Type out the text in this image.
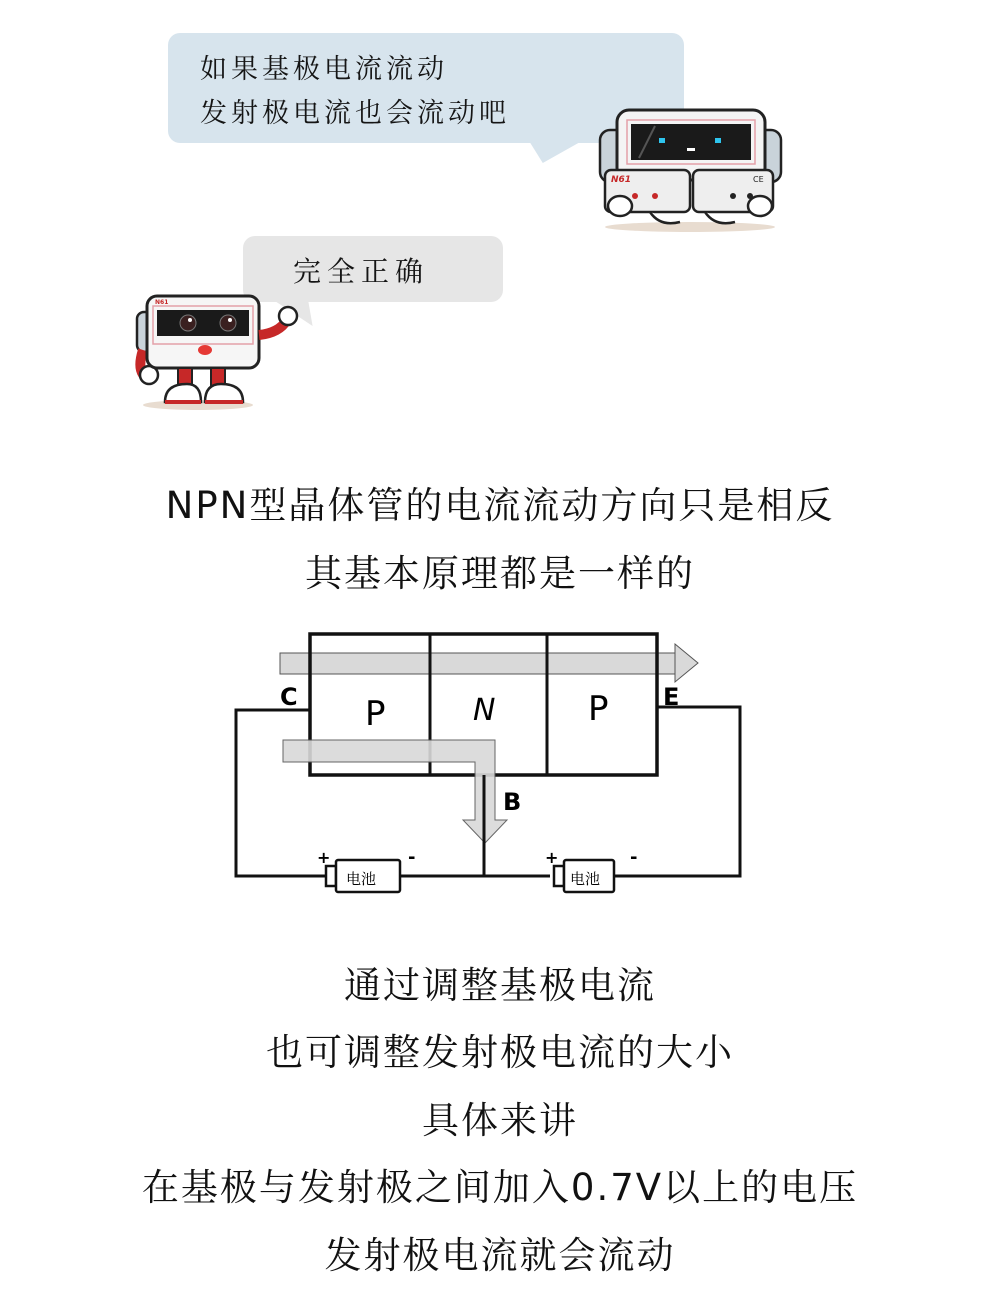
如果基极电流流动
发射极电流也会流动吧
N61	CE
完全正确
N61
NPN型晶体管的电流流动方向只是相反
其基本原理都是一样的
P	N	P
C	E
B
电池
+	-
电池
+	-
通过调整基极电流
也可调整发射极电流的大小
具体来讲
在基极与发射极之间加入0.7V以上的电压
发射极电流就会流动
